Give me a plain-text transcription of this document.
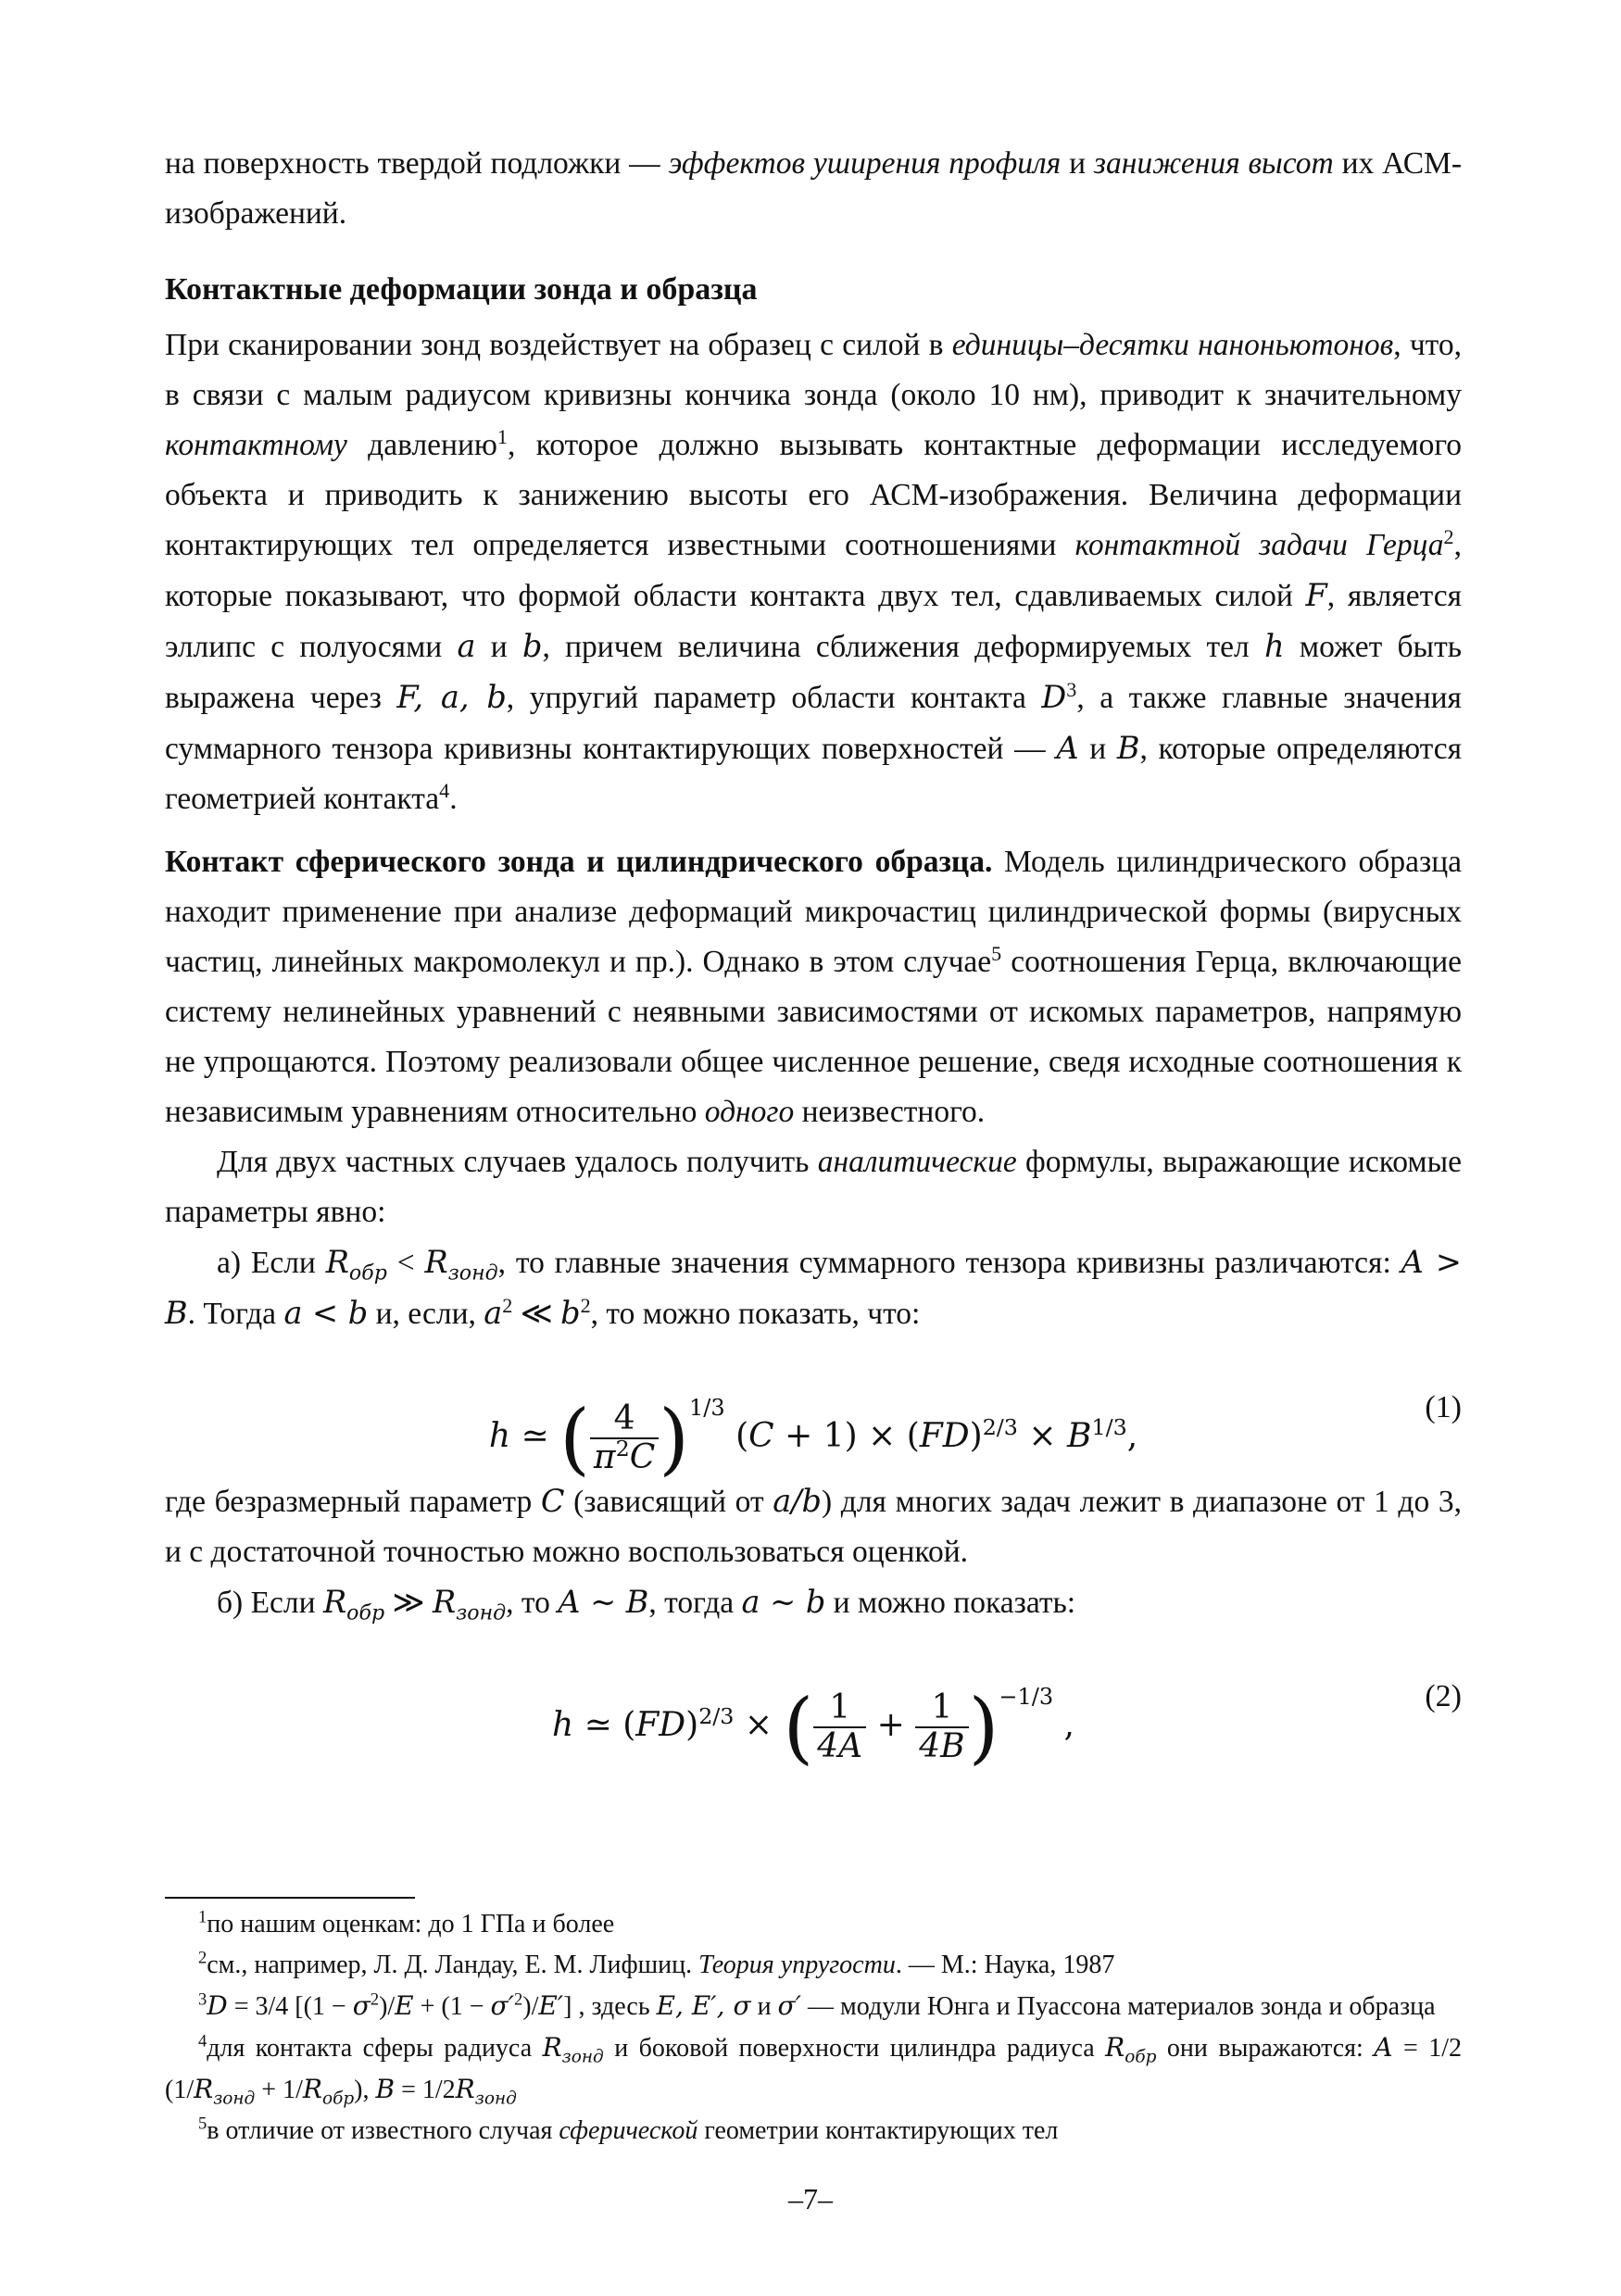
на поверхность твердой подложки — эффектов уширения профиля и занижения высот их АСМ-изображений.

Контактные деформации зонда и образца

При сканировании зонд воздействует на образец с силой в единицы–десятки наноньютонов, что, в связи с малым радиусом кривизны кончика зонда (около 10 нм), приводит к значительному контактному давлению$^1$, которое должно вызывать контактные деформации исследуемого объекта и приводить к занижению высоты его АСМ-изображения. Величина деформации контактирующих тел определяется известными соотношениями контактной задачи Герца$^2$, которые показывают, что формой области контакта двух тел, сдавливаемых силой F, является эллипс с полуосями a и b, причем величина сближения деформируемых тел h может быть выражена через F, a, b, упругий параметр области контакта $D^3$, а также главные значения суммарного тензора кривизны контактирующих поверхностей — A и B, которые определяются геометрией контакта$^4$.

Контакт сферического зонда и цилиндрического образца. Модель цилиндрического образца находит применение при анализе деформаций микрочастиц цилиндрической формы (вирусных частиц, линейных макромолекул и пр.). Однако в этом случае$^5$ соотношения Герца, включающие систему нелинейных уравнений с неявными зависимостями от искомых параметров, напрямую не упрощаются. Поэтому реализовали общее численное решение, сведя исходные соотношения к независимым уравнениям относительно одного неизвестного.

Для двух частных случаев удалось получить аналитические формулы, выражающие искомые параметры явно:

а) Если $R_{обр} < R_{зонд}$, то главные значения суммарного тензора кривизны различаются: A > B. Тогда a < b и, если, $a^2$ ≪ $b^2$, то можно показать, что:

h ≃ ( $\frac{4}{\pi^2C} )^{1/3}$ $(C + 1) \times (FD)^{2/3} \times B^{1/3}$,
(1)

где безразмерный параметр C (зависящий от a/b) для многих задач лежит в диапазоне от 1 до 3, и с достаточной точностью можно воспользоваться оценкой.

б) Если $R_{обр}$ ≫ $R_{зонд}$, то A ∼ B, тогда a ∼ b и можно показать:

h ≃ (FD)$^{2/3}$ × ( $\frac{1}{4A} + \frac{1}{4B} )^{-1/3}$ ,
(2)

$^1$по нашим оценкам: до 1 ГПа и более

$^2$см., например, Л. Д. Ландау, Е. М. Лифшиц. Теория упругости. — М.: Наука, 1987

$^3$D = 3/4 $[(1 - \sigma^2)/E + (1 - \sigma'^2)/E']$ , здесь E, E′, σ и σ′ — модули Юнга и Пуассона материалов зонда и образца

$^4$для контакта сферы радиуса $R_{зонд}$ и боковой поверхности цилиндра радиуса $R_{обр}$ они выражаются: A = 1/2 $(1/R_{зонд} + 1/R_{обр})$, $B = 1/2R_{зонд}$

$^5$в отличие от известного случая сферической геометрии контактирующих тел

–7–
